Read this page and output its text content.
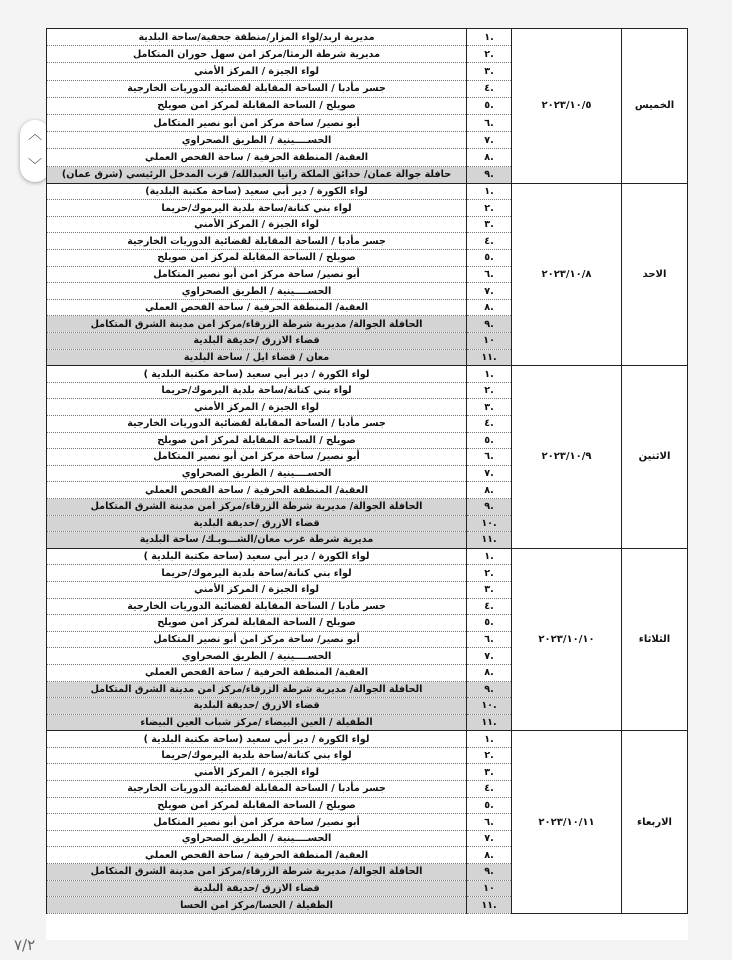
︿
﹀
الخميس	٢٠٢٣/١٠/٥	.١	مديرية اربد/لواء المزار/منطقة جحفية/ساحة البلدية
		.٢	مديرية شرطة الرمثا/مركز امن سهل حوران المتكامل
		.٣	لواء الجيزة / المركز الأمني
		.٤	جسر مأدبا / الساحة المقابلة لقضائية الدوريات الخارجية
		.٥	صويلح / الساحة المقابلة لمركز امن صويلح
		.٦	أبو نصير/ ساحة مركز امن أبو نصير المتكامل
		.٧	الحســــينية / الطريق الصحراوي
		.٨	العقبة/ المنطقة الحرفية / ساحة الفحص العملي
		.٩	حافلة جوالة عمان/ حدائق الملكة رانيا العبدالله/ قرب المدخل الرئيسي (شرق عمان)
الاحد	٢٠٢٣/١٠/٨	.١	لواء الكورة / دير أبي سعيد (ساحة مكتبة البلدية)
		.٢	لواء بني كنانة/ساحة بلدية اليرموك/حريما
		.٣	لواء الجيزة / المركز الأمني
		.٤	جسر مأدبا / الساحة المقابلة لقضائية الدوريات الخارجية
		.٥	صويلح / الساحة المقابلة لمركز امن صويلح
		.٦	أبو نصير/ ساحة مركز امن أبو نصير المتكامل
		.٧	الحســــينية / الطريق الصحراوي
		.٨	العقبة/ المنطقة الحرفية / ساحة الفحص العملي
		.٩	الحافلة الجوالة/ مديرية شرطة الزرقاء/مركز امن مدينة الشرق المتكامل
		١٠	قضاء الازرق /حديقة البلدية
		.١١	معان / قضاء ايل / ساحة البلدية
الاثنين	٢٠٢٣/١٠/٩	.١	لواء الكورة / دير أبي سعيد (ساحة مكتبة البلدية )
		.٢	لواء بني كنانة/ساحة بلدية اليرموك/حريما
		.٣	لواء الجيزة / المركز الأمني
		.٤	جسر مأدبا / الساحة المقابلة لقضائية الدوريات الخارجية
		.٥	صويلح / الساحة المقابلة لمركز امن صويلح
		.٦	أبو نصير/ ساحة مركز امن أبو نصير المتكامل
		.٧	الحســــينية / الطريق الصحراوي
		.٨	العقبة/ المنطقة الحرفية / ساحة الفحص العملي
		.٩	الحافلة الجوالة/ مديرية شرطة الزرقاء/مركز امن مدينة الشرق المتكامل
		.١٠	قضاء الازرق /حديقة البلدية
		.١١	مديرية شرطة غرب معان/الشـــوبـك/ ساحة البلدية
الثلاثاء	٢٠٢٣/١٠/١٠	.١	لواء الكورة / دير أبي سعيد (ساحة مكتبة البلدية )
		.٢	لواء بني كنانة/ساحة بلدية اليرموك/حريما
		.٣	لواء الجيزة / المركز الأمني
		.٤	جسر مأدبا / الساحة المقابلة لقضائية الدوريات الخارجية
		.٥	صويلح / الساحة المقابلة لمركز امن صويلح
		.٦	أبو نصير/ ساحة مركز امن أبو نصير المتكامل
		.٧	الحســــينية / الطريق الصحراوي
		.٨	العقبة/ المنطقة الحرفية / ساحة الفحص العملي
		.٩	الحافلة الجوالة/ مديرية شرطة الزرقاء/مركز امن مدينة الشرق المتكامل
		.١٠	قضاء الازرق /حديقة البلدية
		.١١	الطفيلة / العين البيضاء /مركز شباب العين البيضاء
الاربعاء	٢٠٢٣/١٠/١١	.١	لواء الكورة / دير أبي سعيد (ساحة مكتبة البلدية )
		.٢	لواء بني كنانة/ساحة بلدية اليرموك/حريما
		.٣	لواء الجيزة / المركز الأمني
		.٤	جسر مأدبا / الساحة المقابلة لقضائية الدوريات الخارجية
		.٥	صويلح / الساحة المقابلة لمركز امن صويلح
		.٦	أبو نصير/ ساحة مركز امن أبو نصير المتكامل
		.٧	الحســــينية / الطريق الصحراوي
		.٨	العقبة/ المنطقة الحرفية / ساحة الفحص العملي
		.٩	الحافلة الجوالة/ مديرية شرطة الزرقاء/مركز امن مدينة الشرق المتكامل
		١٠	قضاء الازرق /حديقة البلدية
		.١١	الطفيلة / الحسا/مركز امن الحسا
٧/٢
